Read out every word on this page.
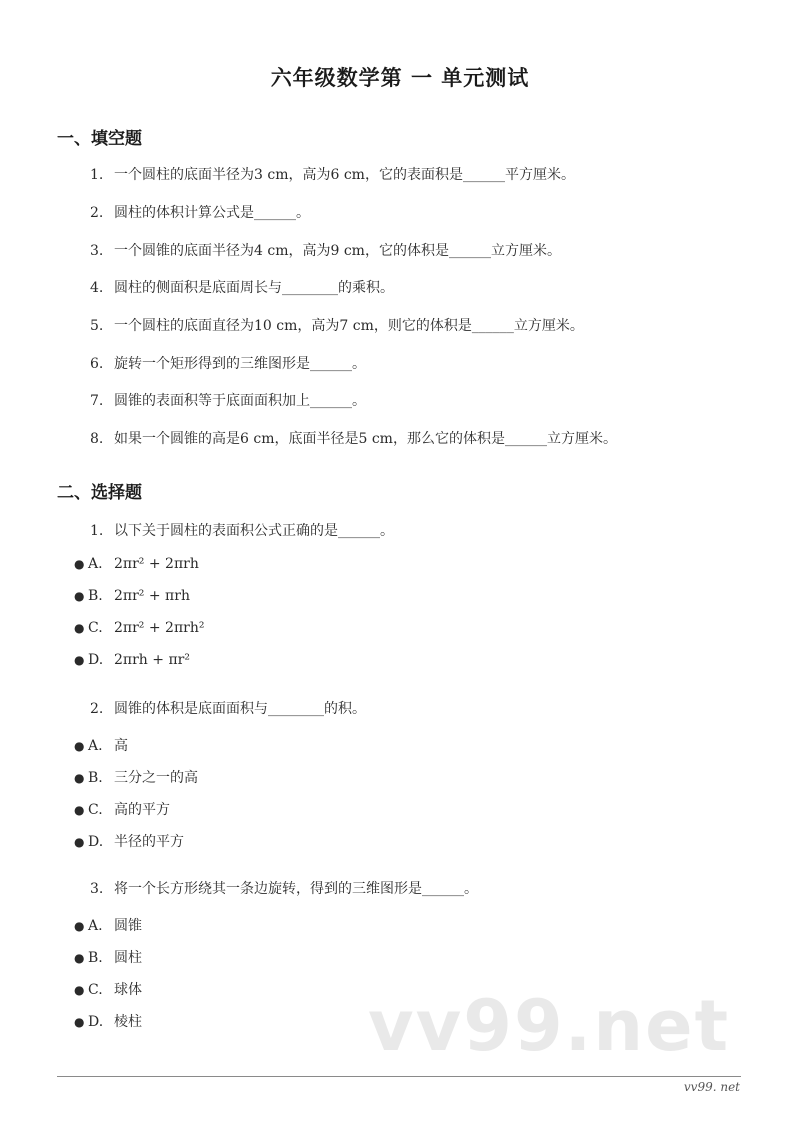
六年级数学第 一 单元测试
一、填空题
1. 一个圆柱的底面半径为3 cm，高为6 cm，它的表面积是______平方厘米。
2. 圆柱的体积计算公式是______。
3. 一个圆锥的底面半径为4 cm，高为9 cm，它的体积是______立方厘米。
4. 圆柱的侧面积是底面周长与________的乘积。
5. 一个圆柱的底面直径为10 cm，高为7 cm，则它的体积是______立方厘米。
6. 旋转一个矩形得到的三维图形是______。
7. 圆锥的表面积等于底面面积加上______。
8. 如果一个圆锥的高是6 cm，底面半径是5 cm，那么它的体积是______立方厘米。
二、选择题
1. 以下关于圆柱的表面积公式正确的是______。
● A. 2πr² + 2πrh
● B. 2πr² + πrh
● C. 2πr² + 2πrh²
● D. 2πrh + πr²
2. 圆锥的体积是底面面积与________的积。
● A. 高
● B. 三分之一的高
● C. 高的平方
● D. 半径的平方
3. 将一个长方形绕其一条边旋转，得到的三维图形是______。
● A. 圆锥
● B. 圆柱
● C. 球体
● D. 棱柱	vv99.net
vv99. net
